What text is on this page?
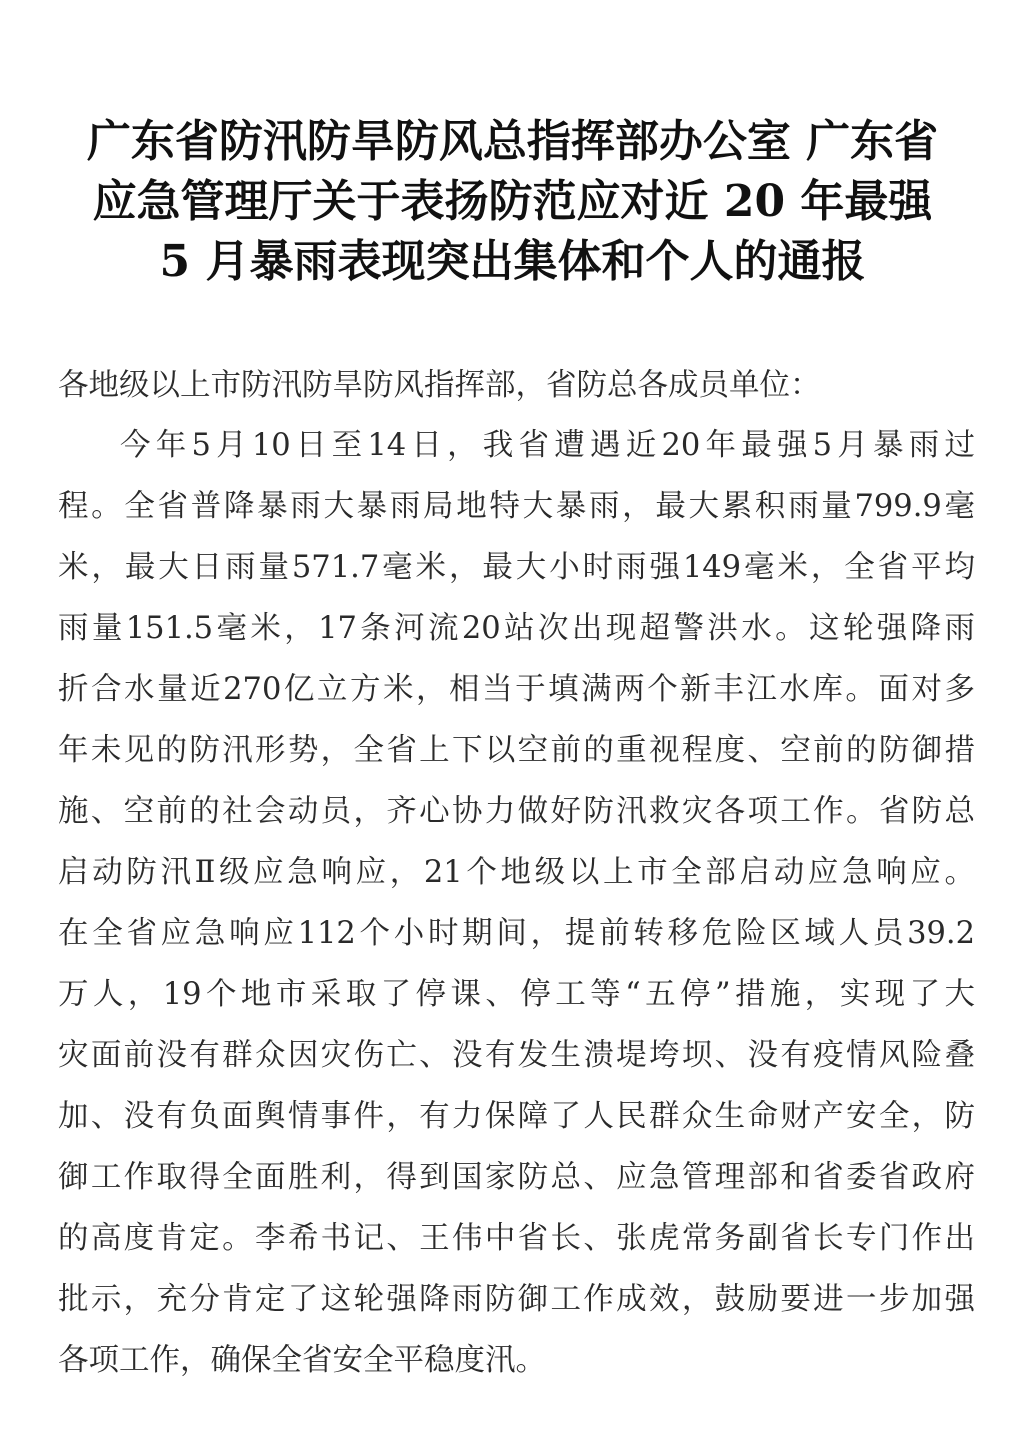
广东省防汛防旱防风总指挥部办公室 广东省
应急管理厅关于表扬防范应对近 20 年最强
5 月暴雨表现突出集体和个人的通报
各地级以上市防汛防旱防风指挥部，省防总各成员单位：
今年5月10日至14日，我省遭遇近20年最强5月暴雨过
程。全省普降暴雨大暴雨局地特大暴雨，最大累积雨量799.9毫
米，最大日雨量571.7毫米，最大小时雨强149毫米，全省平均
雨量151.5毫米，17条河流20站次出现超警洪水。这轮强降雨
折合水量近270亿立方米，相当于填满两个新丰江水库。面对多
年未见的防汛形势，全省上下以空前的重视程度、空前的防御措
施、空前的社会动员，齐心协力做好防汛救灾各项工作。省防总
启动防汛Ⅱ级应急响应，21个地级以上市全部启动应急响应。
在全省应急响应112个小时期间，提前转移危险区域人员39.2
万人，19个地市采取了停课、停工等“五停”措施，实现了大
灾面前没有群众因灾伤亡、没有发生溃堤垮坝、没有疫情风险叠
加、没有负面舆情事件，有力保障了人民群众生命财产安全，防
御工作取得全面胜利，得到国家防总、应急管理部和省委省政府
的高度肯定。李希书记、王伟中省长、张虎常务副省长专门作出
批示，充分肯定了这轮强降雨防御工作成效，鼓励要进一步加强
各项工作，确保全省安全平稳度汛。
